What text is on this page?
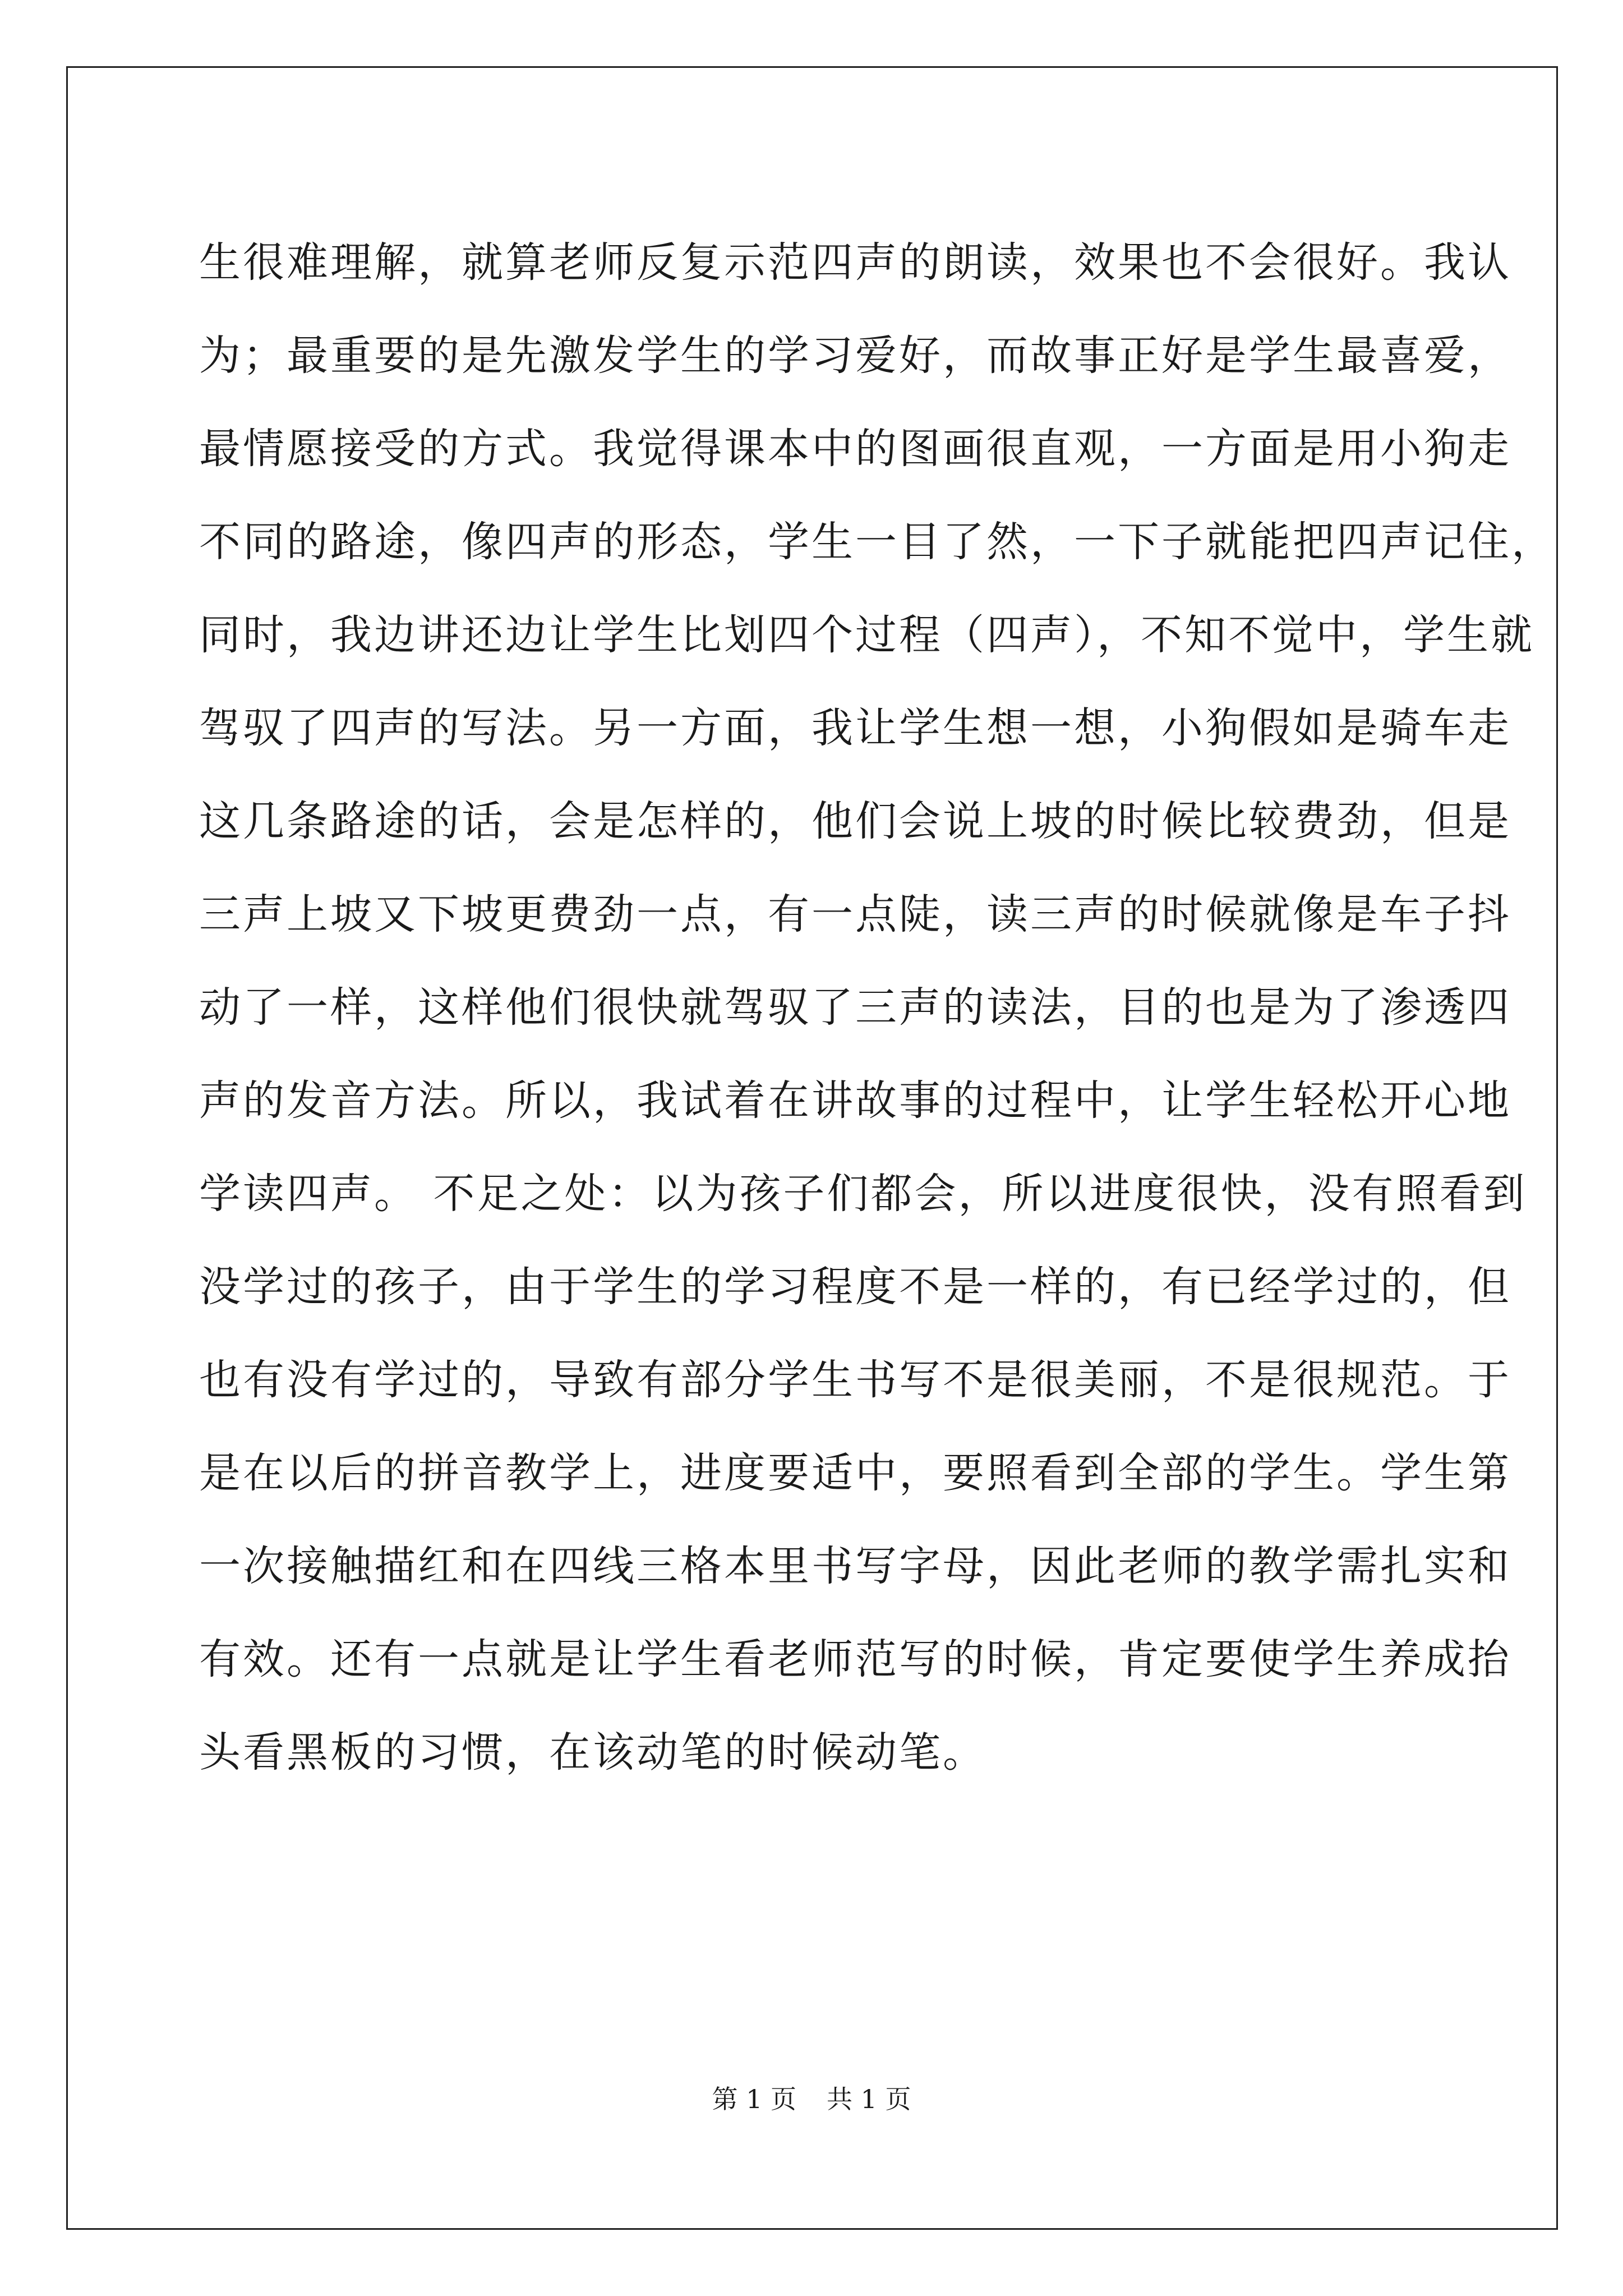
生很难理解，就算老师反复示范四声的朗读，效果也不会很好。我认
为；最重要的是先激发学生的学习爱好，而故事正好是学生最喜爱，
最情愿接受的方式。我觉得课本中的图画很直观，一方面是用小狗走
不同的路途，像四声的形态，学生一目了然，一下子就能把四声记住，
同时，我边讲还边让学生比划四个过程（四声），不知不觉中，学生就
驾驭了四声的写法。另一方面，我让学生想一想，小狗假如是骑车走
这几条路途的话，会是怎样的，他们会说上坡的时候比较费劲，但是
三声上坡又下坡更费劲一点，有一点陡，读三声的时候就像是车子抖
动了一样，这样他们很快就驾驭了三声的读法，目的也是为了渗透四
声的发音方法。所以，我试着在讲故事的过程中，让学生轻松开心地
学读四声。 不足之处：以为孩子们都会，所以进度很快，没有照看到
没学过的孩子，由于学生的学习程度不是一样的，有已经学过的，但
也有没有学过的，导致有部分学生书写不是很美丽，不是很规范。于
是在以后的拼音教学上，进度要适中，要照看到全部的学生。学生第
一次接触描红和在四线三格本里书写字母，因此老师的教学需扎实和
有效。还有一点就是让学生看老师范写的时候，肯定要使学生养成抬
头看黑板的习惯，在该动笔的时候动笔。
第 1 页 共 1 页
